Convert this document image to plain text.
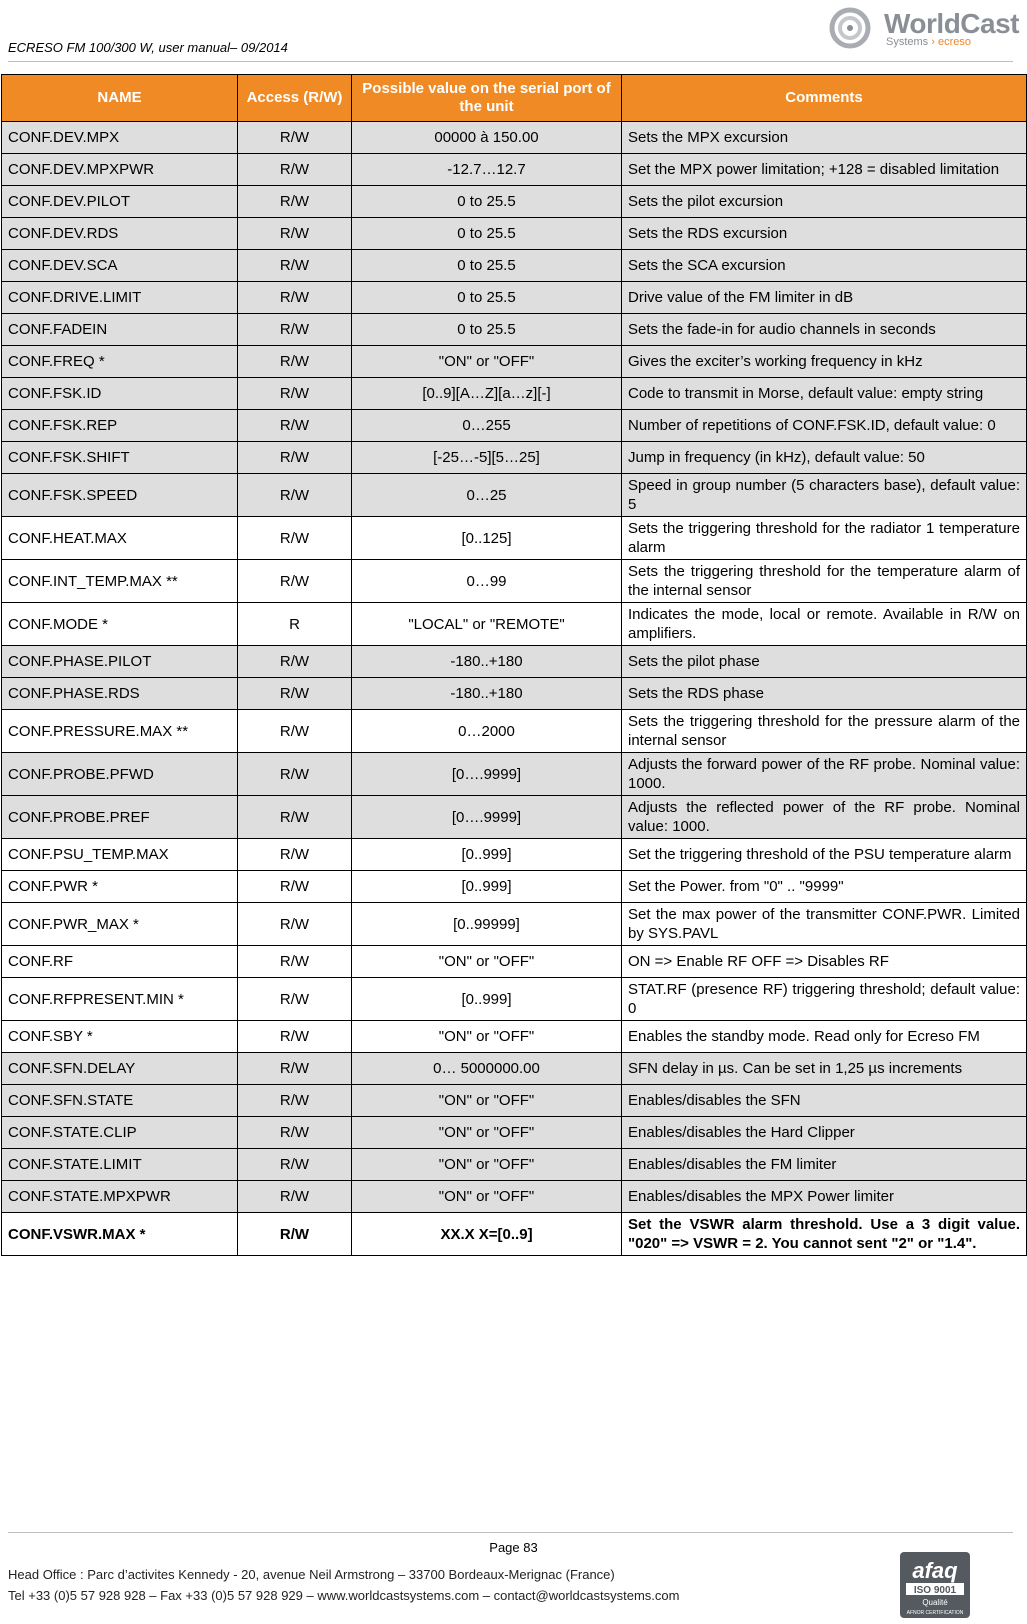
ECRESO FM 100/300 W, user manual– 09/2014
WorldCast
Systems › ecreso
NAME	Access (R/W)	Possible value on the serial port of the unit	Comments
CONF.DEV.MPX	R/W	00000 à 150.00	Sets the MPX excursion
CONF.DEV.MPXPWR	R/W	-12.7…12.7	Set the MPX power limitation; +128 = disabled limitation
CONF.DEV.PILOT	R/W	0 to 25.5	Sets the pilot excursion
CONF.DEV.RDS	R/W	0 to 25.5	Sets the RDS excursion
CONF.DEV.SCA	R/W	0 to 25.5	Sets the SCA excursion
CONF.DRIVE.LIMIT	R/W	0 to 25.5	Drive value of the FM limiter in dB
CONF.FADEIN	R/W	0 to 25.5	Sets the fade-in for audio channels in seconds
CONF.FREQ *	R/W	"ON" or "OFF"	Gives the exciter’s working frequency in kHz
CONF.FSK.ID	R/W	[0..9][A…Z][a…z][-]	Code to transmit in Morse, default value: empty string
CONF.FSK.REP	R/W	0…255	Number of repetitions of CONF.FSK.ID, default value: 0
CONF.FSK.SHIFT	R/W	[-25…-5][5…25]	Jump in frequency (in kHz), default value: 50
CONF.FSK.SPEED	R/W	0…25	Speed in group number (5 characters base), default value: 5
CONF.HEAT.MAX	R/W	[0..125]	Sets the triggering threshold for the radiator 1 temperature alarm
CONF.INT_TEMP.MAX **	R/W	0…99	Sets the triggering threshold for the temperature alarm of the internal sensor
CONF.MODE *	R	"LOCAL" or "REMOTE"	Indicates the mode, local or remote. Available in R/W on amplifiers.
CONF.PHASE.PILOT	R/W	-180..+180	Sets the pilot phase
CONF.PHASE.RDS	R/W	-180..+180	Sets the RDS phase
CONF.PRESSURE.MAX **	R/W	0…2000	Sets the triggering threshold for the pressure alarm of the internal sensor
CONF.PROBE.PFWD	R/W	[0….9999]	Adjusts the forward power of the RF probe. Nominal value: 1000.
CONF.PROBE.PREF	R/W	[0….9999]	Adjusts the reflected power of the RF probe. Nominal value: 1000.
CONF.PSU_TEMP.MAX	R/W	[0..999]	Set the triggering threshold of the PSU temperature alarm
CONF.PWR *	R/W	[0..999]	Set the Power. from "0" .. "9999"
CONF.PWR_MAX *	R/W	[0..99999]	Set the max power of the transmitter CONF.PWR. Limited by SYS.PAVL
CONF.RF	R/W	"ON" or "OFF"	ON => Enable RF OFF => Disables RF
CONF.RFPRESENT.MIN *	R/W	[0..999]	STAT.RF (presence RF) triggering threshold; default value: 0
CONF.SBY *	R/W	"ON" or "OFF"	Enables the standby mode. Read only for Ecreso FM
CONF.SFN.DELAY	R/W	0… 5000000.00	SFN delay in µs. Can be set in 1,25 µs increments
CONF.SFN.STATE	R/W	"ON" or "OFF"	Enables/disables the SFN
CONF.STATE.CLIP	R/W	"ON" or "OFF"	Enables/disables the Hard Clipper
CONF.STATE.LIMIT	R/W	"ON" or "OFF"	Enables/disables the FM limiter
CONF.STATE.MPXPWR	R/W	"ON" or "OFF"	Enables/disables the MPX Power limiter
CONF.VSWR.MAX *	R/W	XX.X X=[0..9]	Set the VSWR alarm threshold. Use a 3 digit value. "020" => VSWR = 2. You cannot sent "2" or "1.4".
Page 83
Head Office : Parc d’activites Kennedy - 20, avenue Neil Armstrong – 33700 Bordeaux-Merignac (France)
Tel +33 (0)5 57 928 928 – Fax +33 (0)5 57 928 929 – www.worldcastsystems.com – contact@worldcastsystems.com
afaq
ISO 9001
Qualité
AFNOR CERTIFICATION
